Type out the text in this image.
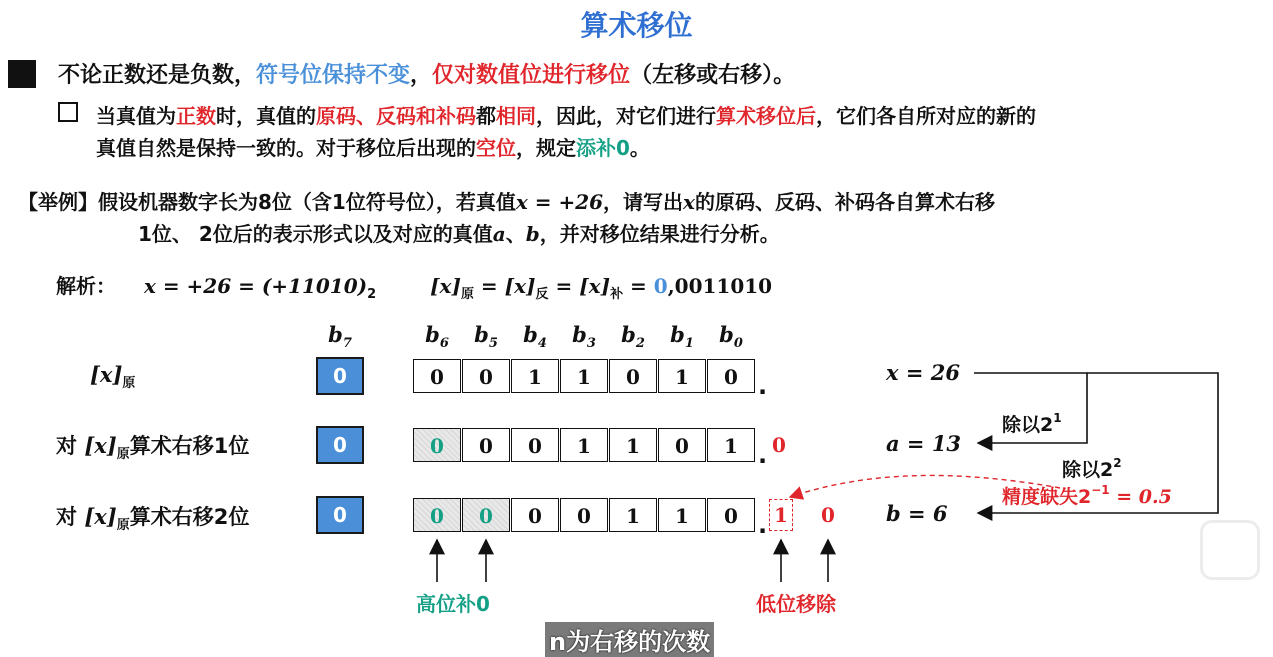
算术移位
不论正数还是负数，符号位保持不变，仅对数值位进行移位（左移或右移）。
当真值为正数时，真值的原码、反码和补码都相同，因此，对它们进行算术移位后，它们各自所对应的新的
真值自然是保持一致的。对于移位后出现的空位，规定添补0。
【举例】假设机器数字长为8位（含1位符号位），若真值x = +26，请写出x的原码、反码、补码各自算术右移
1位、 2位后的表示形式以及对应的真值a、b，并对移位结果进行分析。
解析： $x = +26 = (+11010)_2$	$[x]_原 = [x]_反 = [x]_补 = 0,0011010$
$b_7$	$b_6$	$b_5$	$b_4$	$b_3$	$b_2$	$b_1$	$b_0$
$[x]_原$	0	0	0	1	1	0	1	0 .
对 $[x]_原$算术右移1位	0	0	0	0	1	1	0	1 . 0
对 $[x]_原$算术右移2位	0	0	0	0	0	1	1	0 . 1 0
x = 26
a = 13
b = 6
除以$2^1$
除以$2^2$
精度缺失$2^{-1} = 0.5$
高位补0	低位移除
n为右移的次数
